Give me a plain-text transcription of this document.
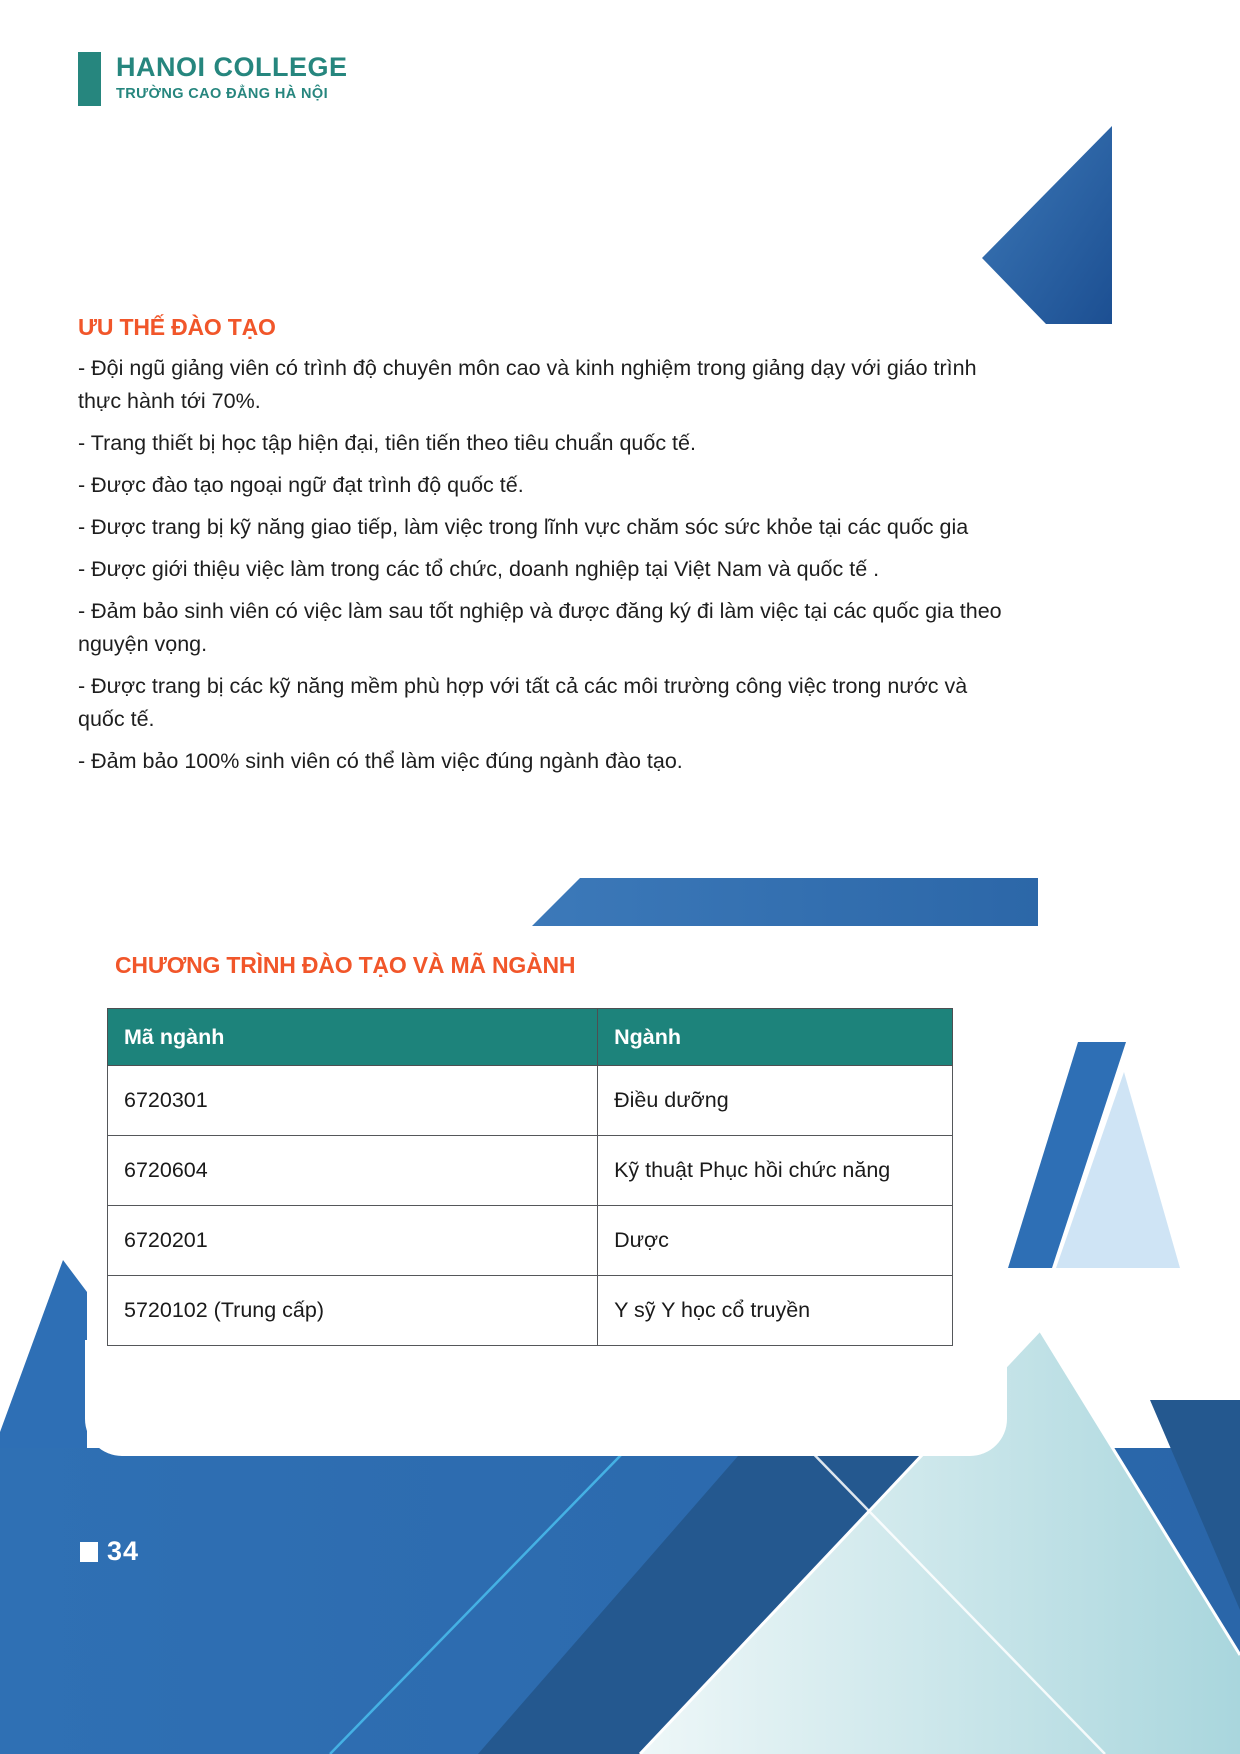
HANOI COLLEGE
TRƯỜNG CAO ĐẲNG HÀ NỘI
ƯU THẾ ĐÀO TẠO

- Đội ngũ giảng viên có trình độ chuyên môn cao và kinh nghiệm trong giảng dạy với giáo trình thực hành tới 70%.

- Trang thiết bị học tập hiện đại, tiên tiến theo tiêu chuẩn quốc tế.

- Được đào tạo ngoại ngữ đạt trình độ quốc tế.

- Được trang bị kỹ năng giao tiếp, làm việc trong lĩnh vực chăm sóc sức khỏe tại các quốc gia

- Được giới thiệu việc làm trong các tổ chức, doanh nghiệp tại Việt Nam và quốc tế .

- Đảm bảo sinh viên có việc làm sau tốt nghiệp và được đăng ký đi làm việc tại các quốc gia theo nguyện vọng.

- Được trang bị các kỹ năng mềm phù hợp với tất cả các môi trường công việc trong nước và quốc tế.

- Đảm bảo 100% sinh viên có thể làm việc đúng ngành đào tạo.

CHƯƠNG TRÌNH ĐÀO TẠO VÀ MÃ NGÀNH
Mã ngành	Ngành
6720301	Điều dưỡng
6720604	Kỹ thuật Phục hồi chức năng
6720201	Dược
5720102 (Trung cấp)	Y sỹ Y học cổ truyền
34
